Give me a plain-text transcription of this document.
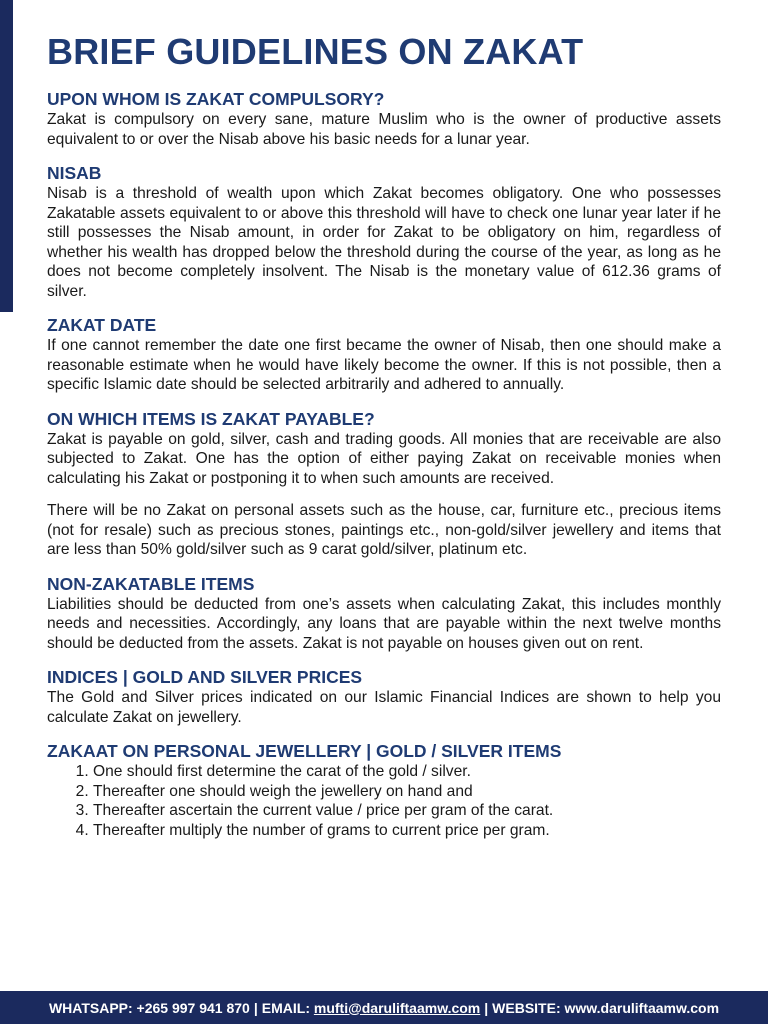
BRIEF GUIDELINES ON ZAKAT
UPON WHOM IS ZAKAT COMPULSORY?

Zakat is compulsory on every sane, mature Muslim who is the owner of productive assets equivalent to or over the Nisab above his basic needs for a lunar year.

NISAB

Nisab is a threshold of wealth upon which Zakat becomes obligatory. One who possesses Zakatable assets equivalent to or above this threshold will have to check one lunar year later if he still possesses the Nisab amount, in order for Zakat to be obligatory on him, regardless of whether his wealth has dropped below the threshold during the course of the year, as long as he does not become completely insolvent. The Nisab is the monetary value of 612.36 grams of silver.

ZAKAT DATE

If one cannot remember the date one first became the owner of Nisab, then one should make a reasonable estimate when he would have likely become the owner. If this is not possible, then a specific Islamic date should be selected arbitrarily and adhered to annually.

ON WHICH ITEMS IS ZAKAT PAYABLE?

Zakat is payable on gold, silver, cash and trading goods. All monies that are receivable are also subjected to Zakat. One has the option of either paying Zakat on receivable monies when calculating his Zakat or postponing it to when such amounts are received.

There will be no Zakat on personal assets such as the house, car, furniture etc., precious items (not for resale) such as precious stones, paintings etc., non-gold/silver jewellery and items that are less than 50% gold/silver such as 9 carat gold/silver, platinum etc.

NON-ZAKATABLE ITEMS

Liabilities should be deducted from one’s assets when calculating Zakat, this includes monthly needs and necessities. Accordingly, any loans that are payable within the next twelve months should be deducted from the assets. Zakat is not payable on houses given out on rent.

INDICES | GOLD AND SILVER PRICES

The Gold and Silver prices indicated on our Islamic Financial Indices are shown to help you calculate Zakat on jewellery.

ZAKAAT ON PERSONAL JEWELLERY | GOLD / SILVER ITEMS
1. One should first determine the carat of the gold / silver.
2. Thereafter one should weigh the jewellery on hand and
3. Thereafter ascertain the current value / price per gram of the carat.
4. Thereafter multiply the number of grams to current price per gram.
WHATSAPP: +265 997 941 870 | EMAIL:
mufti@daruliftaamw.com | WEBSITE: www.daruliftaamw.com
